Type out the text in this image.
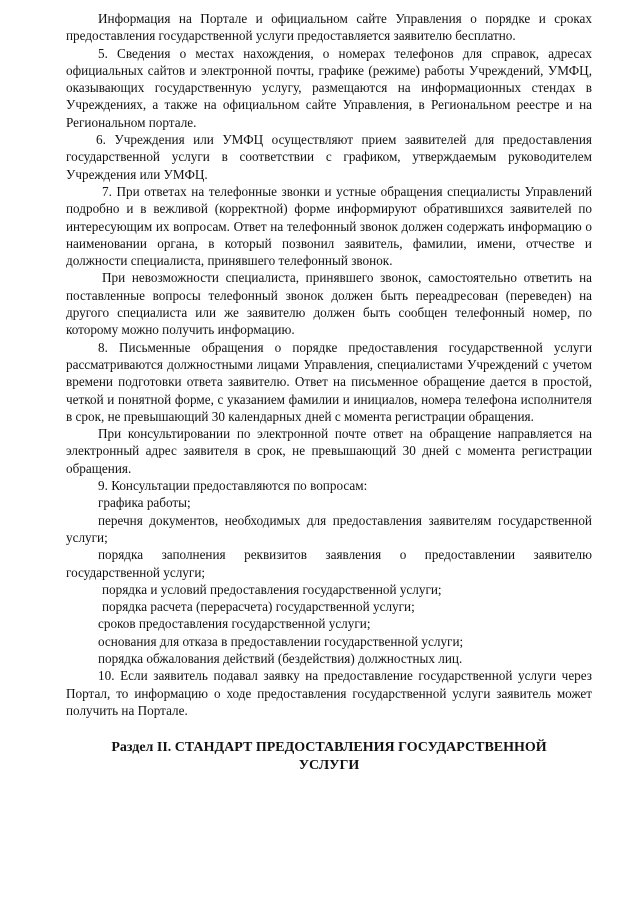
Информация на Портале и официальном сайте Управления о порядке и сроках предоставления государственной услуги предоставляется заявителю бесплатно.

5. Сведения о местах нахождения, о номерах телефонов для справок, адресах официальных сайтов и электронной почты, графике (режиме) работы Учреждений, УМФЦ, оказывающих государственную услугу, размещаются на информационных стендах в Учреждениях, а также на официальном сайте Управления, в Региональном реестре и на Региональном портале.

6. Учреждения или УМФЦ осуществляют прием заявителей для предоставления государственной услуги в соответствии с графиком, утверждаемым руководителем Учреждения или УМФЦ.

7. При ответах на телефонные звонки и устные обращения специалисты Управлений подробно и в вежливой (корректной) форме информируют обратившихся заявителей по интересующим их вопросам. Ответ на телефонный звонок должен содержать информацию о наименовании органа, в который позвонил заявитель, фамилии, имени, отчестве и должности специалиста, принявшего телефонный звонок.

При невозможности специалиста, принявшего звонок, самостоятельно ответить на поставленные вопросы телефонный звонок должен быть переадресован (переведен) на другого специалиста или же заявителю должен быть сообщен телефонный номер, по которому можно получить информацию.

8. Письменные обращения о порядке предоставления государственной услуги рассматриваются должностными лицами Управления, специалистами Учреждений с учетом времени подготовки ответа заявителю. Ответ на письменное обращение дается в простой, четкой и понятной форме, с указанием фамилии и инициалов, номера телефона исполнителя в срок, не превышающий 30 календарных дней с момента регистрации обращения.

При консультировании по электронной почте ответ на обращение направляется на электронный адрес заявителя в срок, не превышающий 30 дней с момента регистрации обращения.

9. Консультации предоставляются по вопросам:

графика работы;

перечня документов, необходимых для предоставления заявителям государственной услуги;

порядка заполнения реквизитов заявления о предоставлении заявителю государственной услуги;

порядка и условий предоставления государственной услуги;

порядка расчета (перерасчета) государственной услуги;

сроков предоставления государственной услуги;

основания для отказа в предоставлении государственной услуги;

порядка обжалования действий (бездействия) должностных лиц.

10. Если заявитель подавал заявку на предоставление государственной услуги через Портал, то информацию о ходе предоставления государственной услуги заявитель может получить на Портале.

Раздел II. СТАНДАРТ ПРЕДОСТАВЛЕНИЯ ГОСУДАРСТВЕННОЙ УСЛУГИ
